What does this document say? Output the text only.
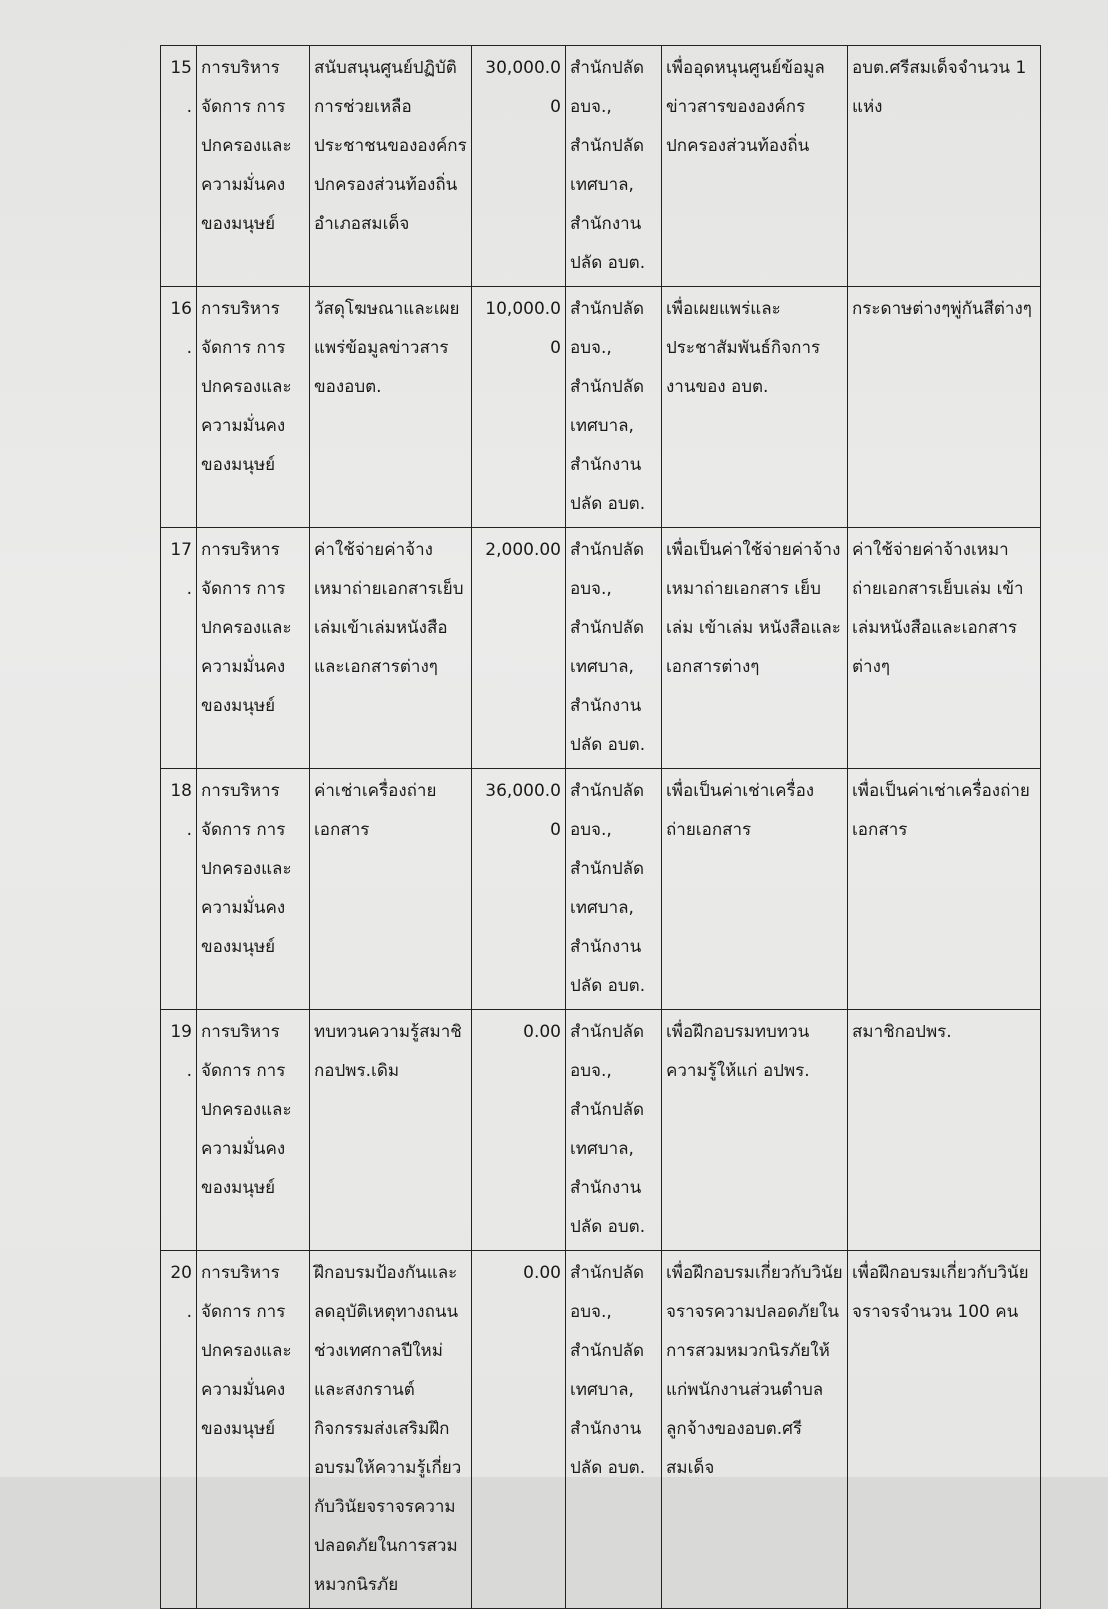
15.	การบริหารจัดการ การปกครองและความมั่นคงของมนุษย์	สนับสนุนศูนย์ปฏิบัติการช่วยเหลือประชาชนขององค์กรปกครองส่วนท้องถิ่นอำเภอสมเด็จ	30,000.00	สำนักปลัดอบจ., สำนักปลัดเทศบาล, สำนักงานปลัด อบต.	เพื่ออุดหนุนศูนย์ข้อมูลข่าวสารขององค์กรปกครองส่วนท้องถิ่น	อบต.ศรีสมเด็จจำนวน 1 แห่ง
16.	การบริหารจัดการ การปกครองและความมั่นคงของมนุษย์	วัสดุโฆษณาและเผยแพร่ข้อมูลข่าวสารของอบต.	10,000.00	สำนักปลัดอบจ., สำนักปลัดเทศบาล, สำนักงานปลัด อบต.	เพื่อเผยแพร่และประชาสัมพันธ์กิจการงานของ อบต.	กระดาษต่างๆพู่กันสีต่างๆ
17.	การบริหารจัดการ การปกครองและความมั่นคงของมนุษย์	ค่าใช้จ่ายค่าจ้างเหมาถ่ายเอกสารเย็บเล่มเข้าเล่มหนังสือและเอกสารต่างๆ	2,000.00	สำนักปลัดอบจ., สำนักปลัดเทศบาล, สำนักงานปลัด อบต.	เพื่อเป็นค่าใช้จ่ายค่าจ้างเหมาถ่ายเอกสาร เย็บเล่ม เข้าเล่ม หนังสือและเอกสารต่างๆ	ค่าใช้จ่ายค่าจ้างเหมาถ่ายเอกสารเย็บเล่ม เข้าเล่มหนังสือและเอกสารต่างๆ
18.	การบริหารจัดการ การปกครองและความมั่นคงของมนุษย์	ค่าเช่าเครื่องถ่ายเอกสาร	36,000.00	สำนักปลัดอบจ., สำนักปลัดเทศบาล, สำนักงานปลัด อบต.	เพื่อเป็นค่าเช่าเครื่องถ่ายเอกสาร	เพื่อเป็นค่าเช่าเครื่องถ่ายเอกสาร
19.	การบริหารจัดการ การปกครองและความมั่นคงของมนุษย์	ทบทวนความรู้สมาชิกอปพร.เดิม	0.00	สำนักปลัดอบจ., สำนักปลัดเทศบาล, สำนักงานปลัด อบต.	เพื่อฝึกอบรมทบทวนความรู้ให้แก่ อปพร.	สมาชิกอปพร.
20.	การบริหารจัดการ การปกครองและความมั่นคงของมนุษย์	ฝึกอบรมป้องกันและลดอุบัติเหตุทางถนนช่วงเทศกาลปีใหม่และสงกรานต์กิจกรรมส่งเสริมฝึกอบรมให้ความรู้เกี่ยวกับวินัยจราจรความปลอดภัยในการสวมหมวกนิรภัย	0.00	สำนักปลัดอบจ., สำนักปลัดเทศบาล, สำนักงานปลัด อบต.	เพื่อฝึกอบรมเกี่ยวกับวินัยจราจรความปลอดภัยในการสวมหมวกนิรภัยให้แก่พนักงานส่วนตำบลลูกจ้างของอบต.ศรีสมเด็จ	เพื่อฝึกอบรมเกี่ยวกับวินัยจราจรจำนวน 100 คน
